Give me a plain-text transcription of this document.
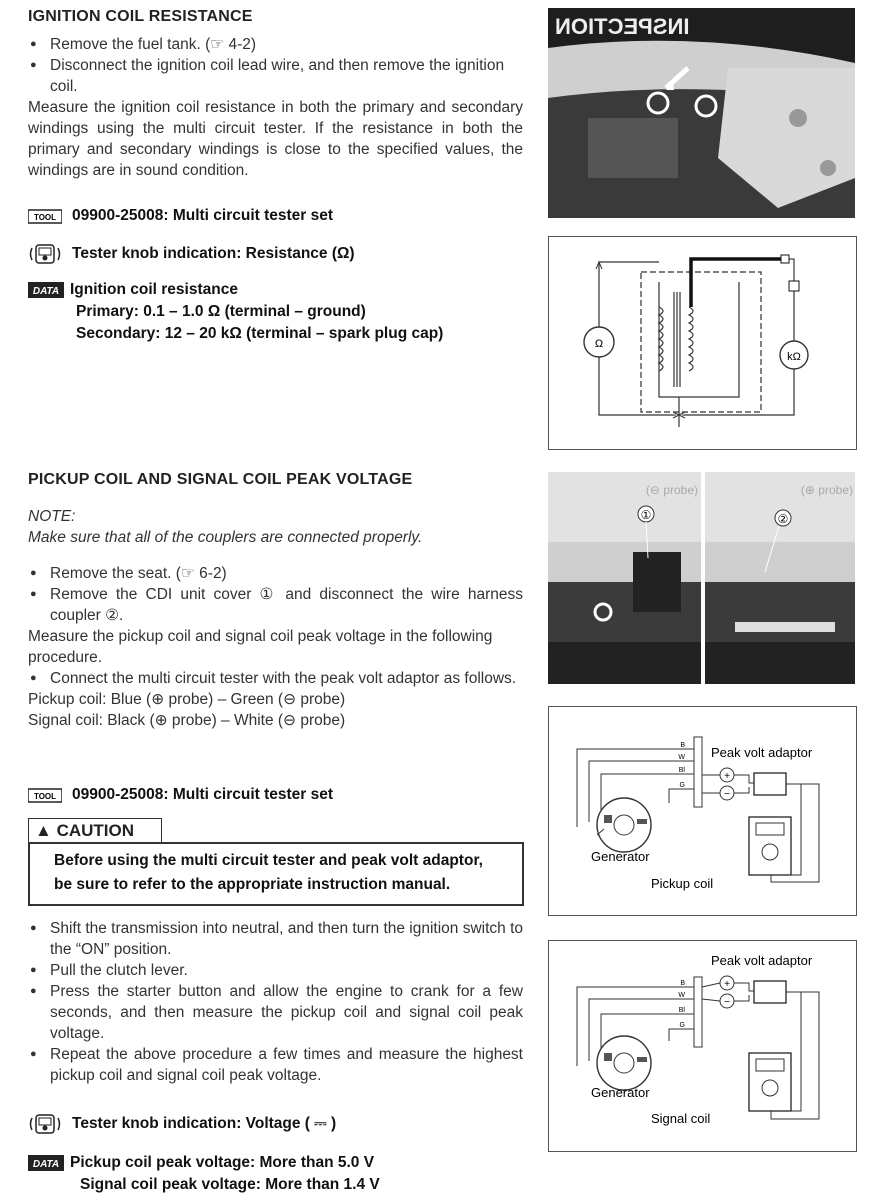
IGNITION COIL RESISTANCE
● Remove the fuel tank. (☞ 4-2)
● Disconnect the ignition coil lead wire, and then remove the ignition coil.
Measure the ignition coil resistance in both the primary and secondary windings using the multi circuit tester. If the resistance in both the primary and secondary windings is close to the specified values, the windings are in sound condition.
TOOL 09900-25008: Multi circuit tester set
Tester knob indication: Resistance (Ω)
DATA Ignition coil resistance
Primary: 0.1 – 1.0 Ω (terminal – ground)
Secondary: 12 – 20 kΩ (terminal – spark plug cap)
INSPECTION
Ω
kΩ
PICKUP COIL AND SIGNAL COIL PEAK VOLTAGE
NOTE:
Make sure that all of the couplers are connected properly.
● Remove the seat. (☞ 6-2)
● Remove the CDI unit cover ① and disconnect the wire harness coupler ②.
Measure the pickup coil and signal coil peak voltage in the following procedure.
● Connect the multi circuit tester with the peak volt adaptor as follows.
Pickup coil: Blue (⊕ probe) – Green (⊖ probe)
Signal coil: Black (⊕ probe) – White (⊖ probe)
TOOL 09900-25008: Multi circuit tester set
▲ CAUTION
Before using the multi circuit tester and peak volt adaptor, be sure to refer to the appropriate instruction manual.
● Shift the transmission into neutral, and then turn the ignition switch to the “ON” position.
● Pull the clutch lever.
● Press the starter button and allow the engine to crank for a few seconds, and then measure the pickup coil and signal coil peak voltage.
● Repeat the above procedure a few times and measure the highest pickup coil and signal coil peak voltage.
Tester knob indication: Voltage ( ⎓ )
DATA Pickup coil peak voltage: More than 5.0 V
Signal coil peak voltage: More than 1.4 V
(⊖ probe)
①
(⊕ probe)
②
B
W
Bl
G
Generator
+
−
Peak volt adaptor
Pickup coil
B
W
Bl
G
Generator
Peak volt adaptor
+
−
Signal coil
